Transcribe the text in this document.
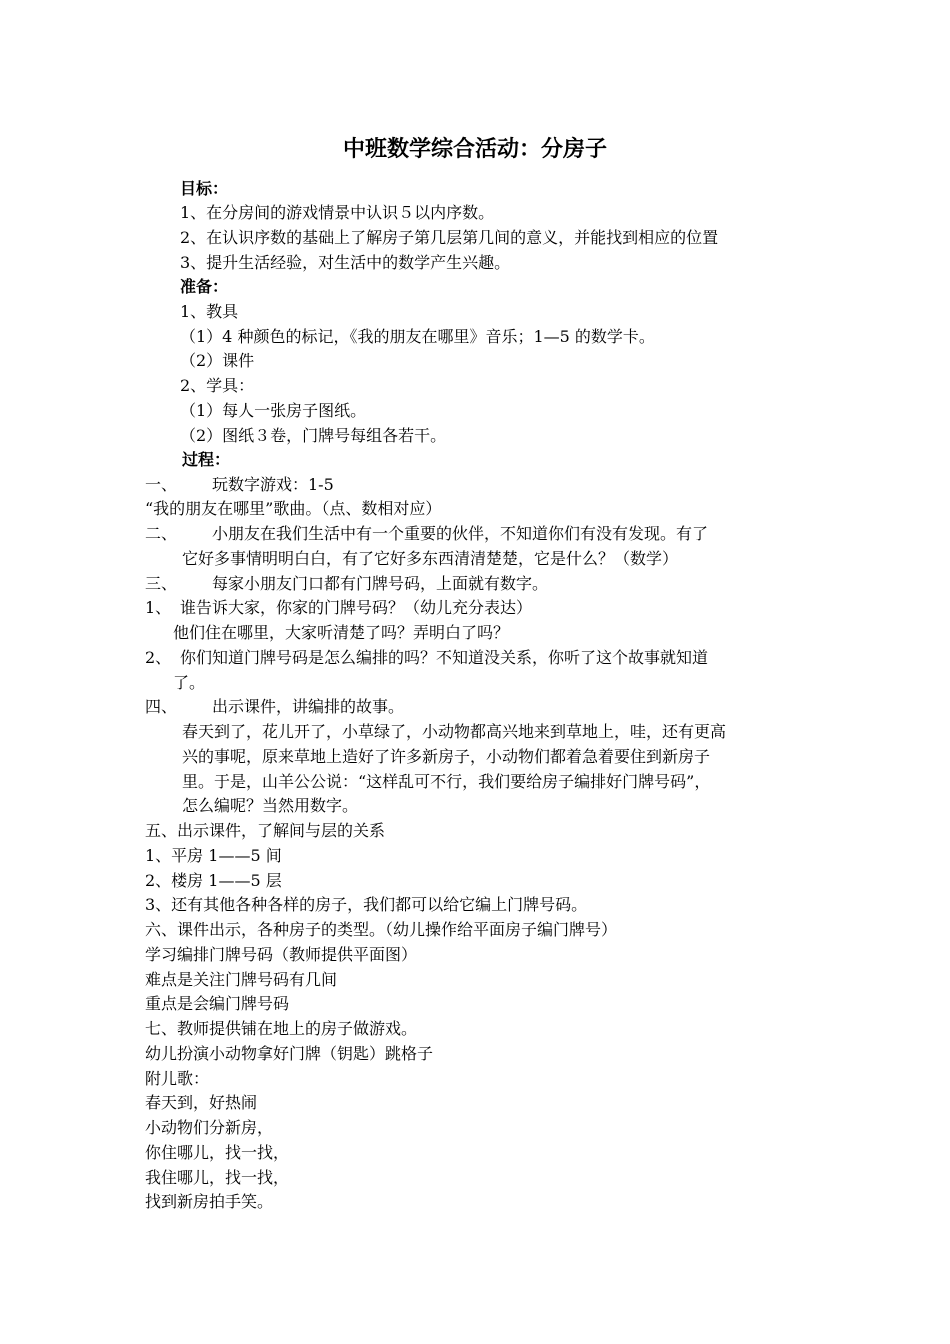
中班数学综合活动：分房子

目标：

1、在分房间的游戏情景中认识５以内序数。

2、在认识序数的基础上了解房子第几层第几间的意义，并能找到相应的位置

3、提升生活经验，对生活中的数学产生兴趣。

准备：

1、教具

（1）4 种颜色的标记，《我的朋友在哪里》音乐；1—5 的数学卡。

（2）课件

2、学具：

（1）每人一张房子图纸。

（2）图纸３卷，门牌号每组各若干。

过程：

一、 玩数字游戏：1-5

“我的朋友在哪里”歌曲。（点、数相对应）

二、 小朋友在我们生活中有一个重要的伙伴，不知道你们有没有发现。有了

它好多事情明明白白，有了它好多东西清清楚楚，它是什么？（数学）

三、 每家小朋友门口都有门牌号码，上面就有数字。

1、 谁告诉大家，你家的门牌号码？（幼儿充分表达）

他们住在哪里，大家听清楚了吗？弄明白了吗？

2、 你们知道门牌号码是怎么编排的吗？不知道没关系，你听了这个故事就知道

了。

四、 出示课件，讲编排的故事。

春天到了，花儿开了，小草绿了，小动物都高兴地来到草地上，哇，还有更高

兴的事呢，原来草地上造好了许多新房子，小动物们都着急着要住到新房子

里。于是，山羊公公说：“这样乱可不行，我们要给房子编排好门牌号码”，

怎么编呢？当然用数字。

五、出示课件，了解间与层的关系

1、平房 1——5 间

2、楼房 1——5 层

3、还有其他各种各样的房子，我们都可以给它编上门牌号码。

六、课件出示，各种房子的类型。（幼儿操作给平面房子编门牌号）

学习编排门牌号码（教师提供平面图）

难点是关注门牌号码有几间

重点是会编门牌号码

七、教师提供铺在地上的房子做游戏。

幼儿扮演小动物拿好门牌（钥匙）跳格子

附儿歌：

春天到，好热闹

小动物们分新房，

你住哪儿，找一找，

我住哪儿，找一找，

找到新房拍手笑。
